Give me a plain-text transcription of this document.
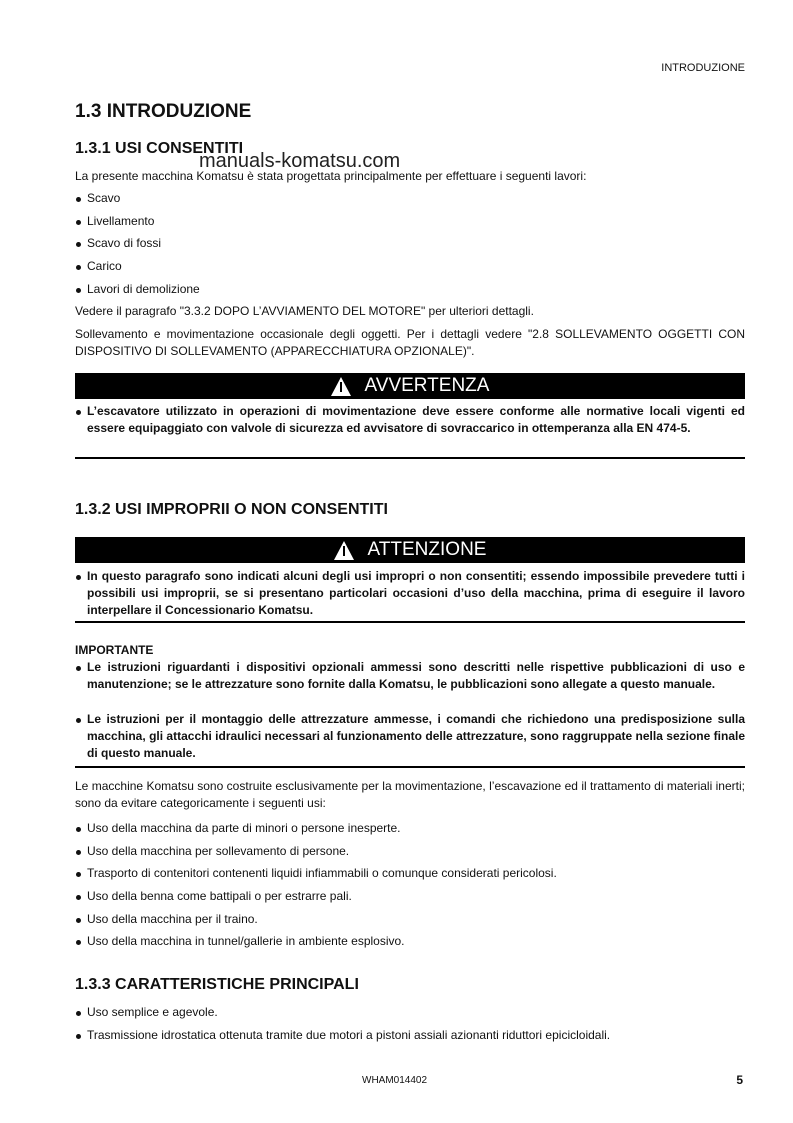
INTRODUZIONE
1.3 INTRODUZIONE
1.3.1 USI CONSENTITI
manuals-komatsu.com
La presente macchina Komatsu è stata progettata principalmente per effettuare i seguenti lavori:
Scavo
Livellamento
Scavo di fossi
Carico
Lavori di demolizione
Vedere il paragrafo "3.3.2 DOPO L’AVVIAMENTO DEL MOTORE" per ulteriori dettagli.
Sollevamento e movimentazione occasionale degli oggetti. Per i dettagli vedere "2.8 SOLLEVAMENTO OGGETTI CON DISPOSITIVO DI SOLLEVAMENTO (APPARECCHIATURA OPZIONALE)".
AVVERTENZA
L’escavatore utilizzato in operazioni di movimentazione deve essere conforme alle normative locali vigenti ed essere equipaggiato con valvole di sicurezza ed avvisatore di sovraccarico in ottemperanza alla EN 474-5.
1.3.2 USI IMPROPRII O NON CONSENTITI
ATTENZIONE
In questo paragrafo sono indicati alcuni degli usi impropri o non consentiti; essendo impossibile prevedere tutti i possibili usi improprii, se si presentano particolari occasioni d’uso della macchina, prima di eseguire il lavoro interpellare il Concessionario Komatsu.
IMPORTANTE
Le istruzioni riguardanti i dispositivi opzionali ammessi sono descritti nelle rispettive pubblicazioni di uso e manutenzione; se le attrezzature sono fornite dalla Komatsu, le pubblicazioni sono allegate a questo manuale.
Le istruzioni per il montaggio delle attrezzature ammesse, i comandi che richiedono una predisposizione sulla macchina, gli attacchi idraulici necessari al funzionamento delle attrezzature, sono raggruppate nella sezione finale di questo manuale.
Le macchine Komatsu sono costruite esclusivamente per la movimentazione, l’escavazione ed il trattamento di materiali inerti; sono da evitare categoricamente i seguenti usi:
Uso della macchina da parte di minori o persone inesperte.
Uso della macchina per sollevamento di persone.
Trasporto di contenitori contenenti liquidi infiammabili o comunque considerati pericolosi.
Uso della benna come battipali o per estrarre pali.
Uso della macchina per il traino.
Uso della macchina in tunnel/gallerie in ambiente esplosivo.
1.3.3 CARATTERISTICHE PRINCIPALI
Uso semplice e agevole.
Trasmissione idrostatica ottenuta tramite due motori a pistoni assiali azionanti riduttori epicicloidali.
WHAM014402	5
